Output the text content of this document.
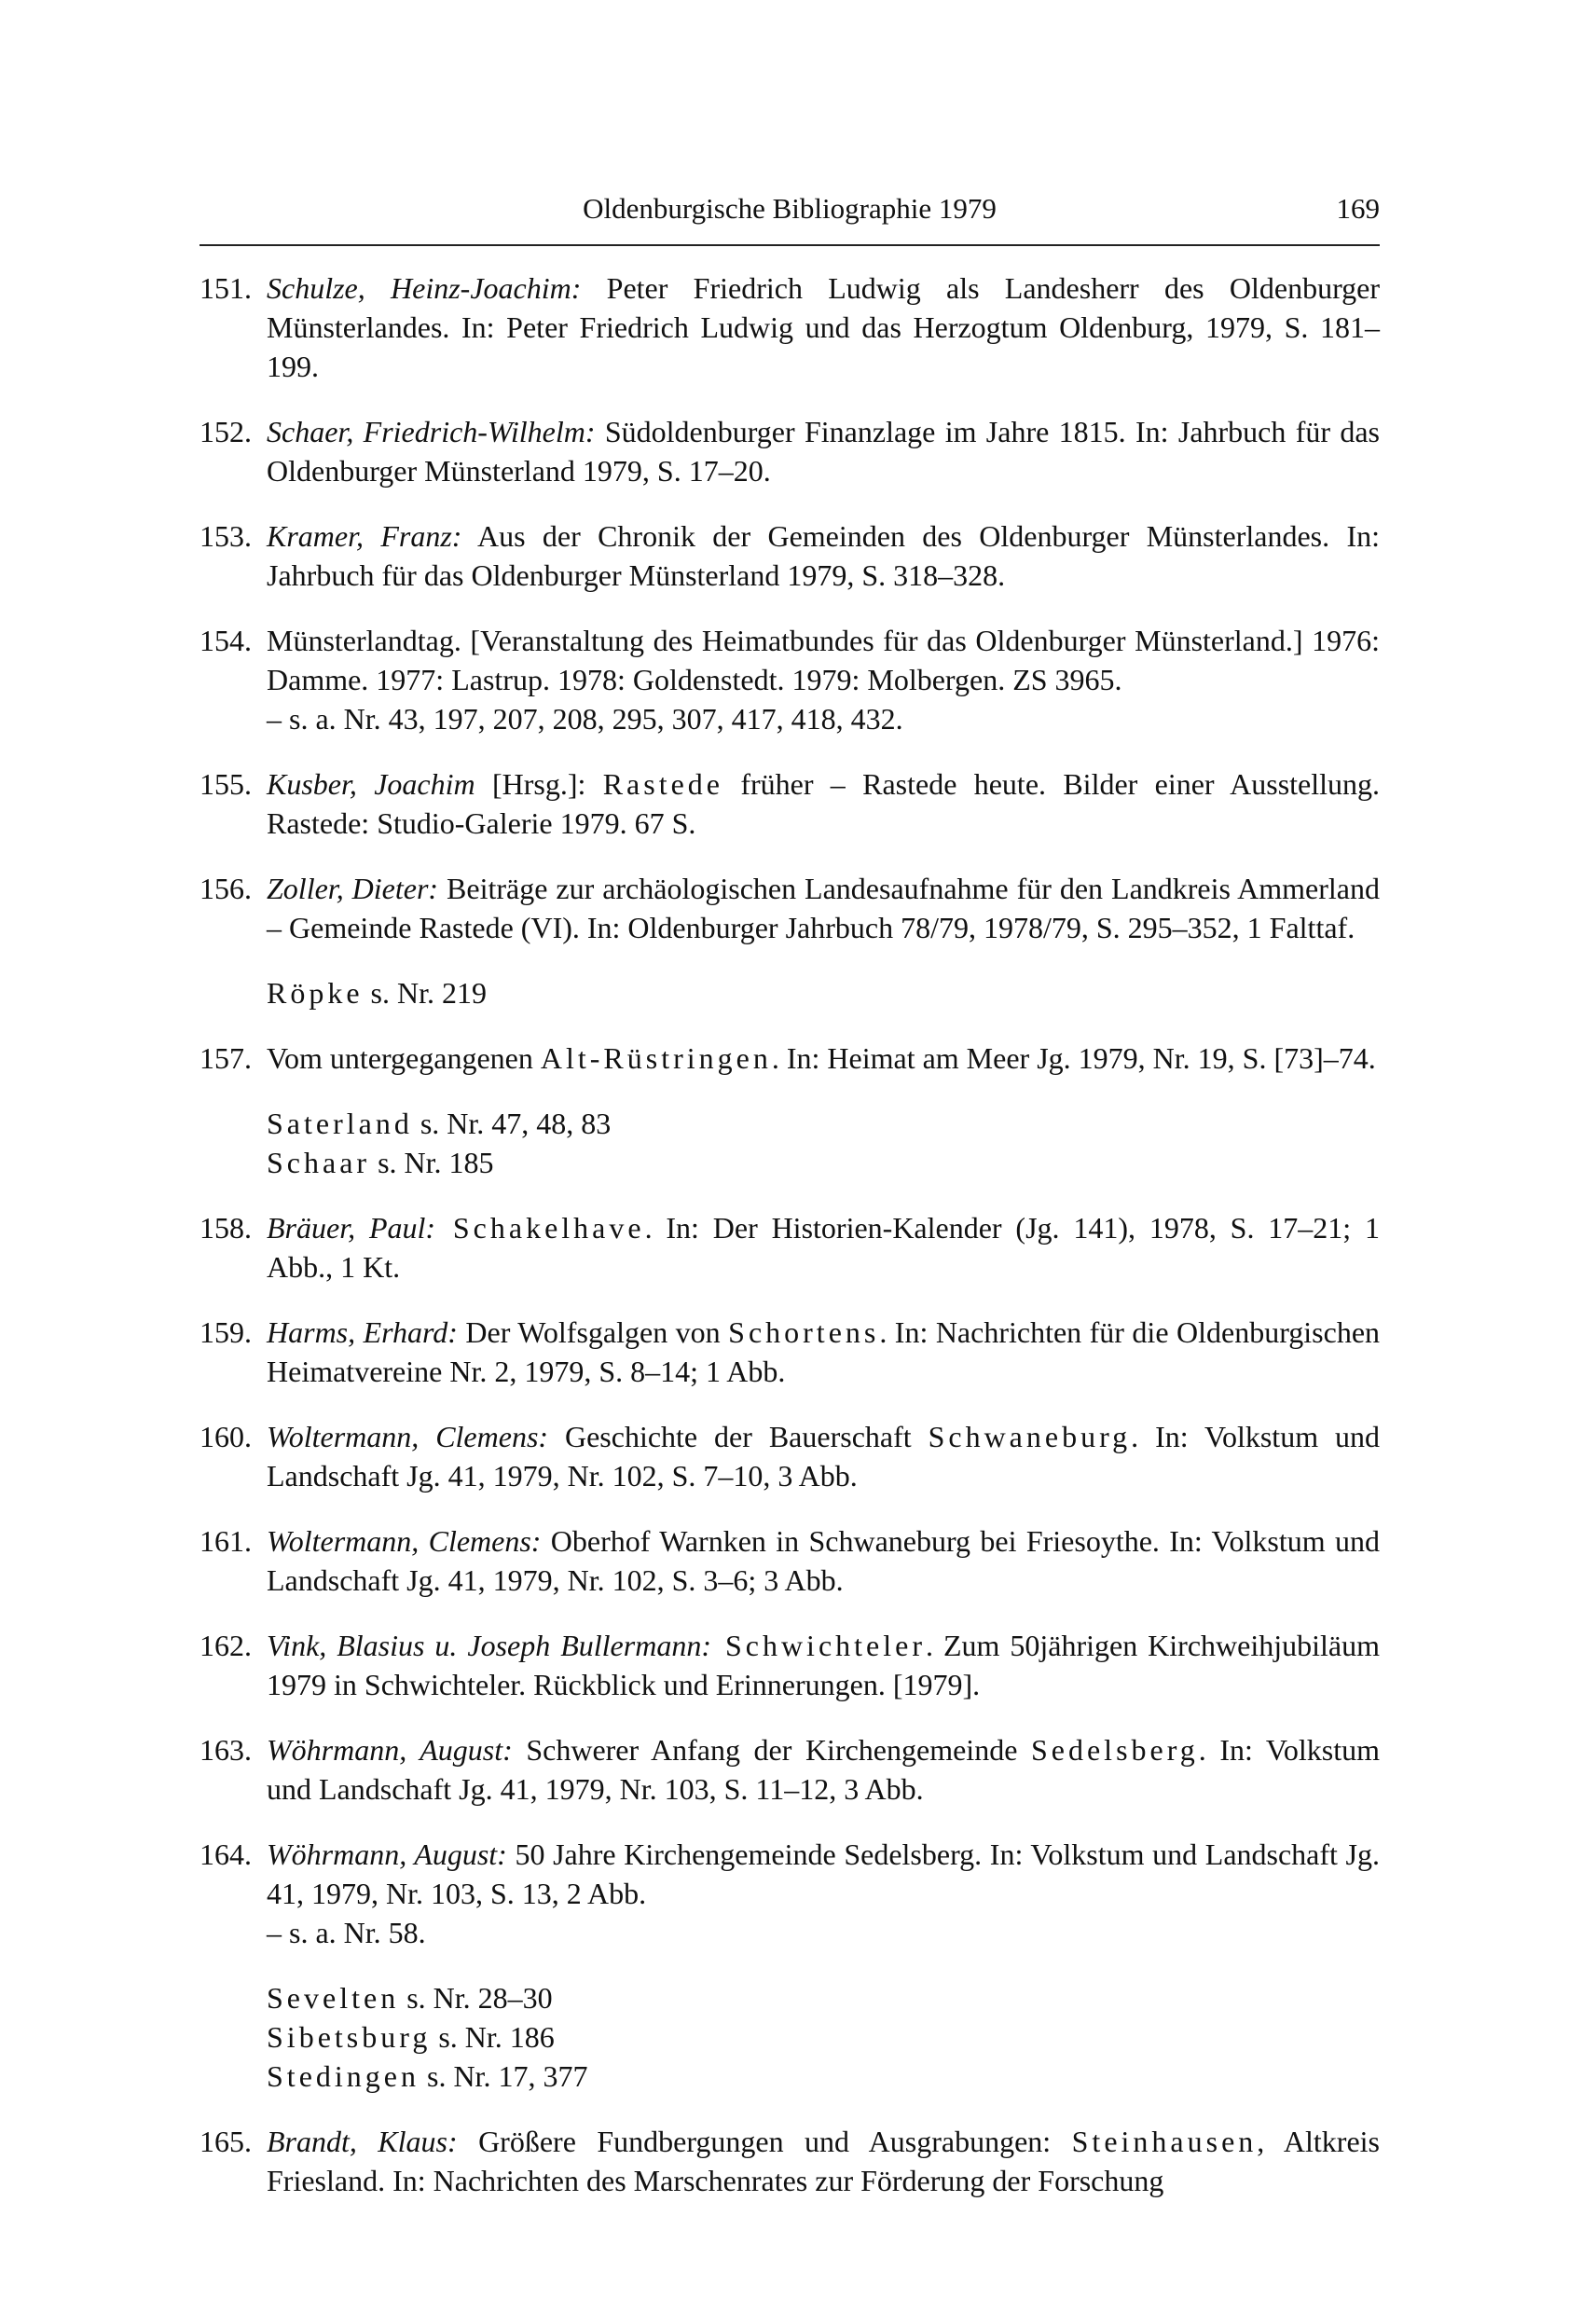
Oldenburgische Bibliographie 1979	169
151. Schulze, Heinz-Joachim: Peter Friedrich Ludwig als Landesherr des Oldenburger Münsterlandes. In: Peter Friedrich Ludwig und das Herzogtum Oldenburg, 1979, S. 181–199.
152. Schaer, Friedrich-Wilhelm: Südoldenburger Finanzlage im Jahre 1815. In: Jahrbuch für das Oldenburger Münsterland 1979, S. 17–20.
153. Kramer, Franz: Aus der Chronik der Gemeinden des Oldenburger Münsterlandes. In: Jahrbuch für das Oldenburger Münsterland 1979, S. 318–328.
154. Münsterlandtag. [Veranstaltung des Heimatbundes für das Oldenburger Münsterland.] 1976: Damme. 1977: Lastrup. 1978: Goldenstedt. 1979: Molbergen. ZS 3965.
– s. a. Nr. 43, 197, 207, 208, 295, 307, 417, 418, 432.
155. Kusber, Joachim [Hrsg.]: Rastede früher – Rastede heute. Bilder einer Ausstellung. Rastede: Studio-Galerie 1979. 67 S.
156. Zoller, Dieter: Beiträge zur archäologischen Landesaufnahme für den Landkreis Ammerland – Gemeinde Rastede (VI). In: Oldenburger Jahrbuch 78/79, 1978/79, S. 295–352, 1 Falttaf.
Röpke s. Nr. 219
157. Vom untergegangenen Alt-Rüstringen. In: Heimat am Meer Jg. 1979, Nr. 19, S. [73]–74.
Saterland s. Nr. 47, 48, 83
Schaar s. Nr. 185
158. Bräuer, Paul: Schakelhave. In: Der Historien-Kalender (Jg. 141), 1978, S. 17–21; 1 Abb., 1 Kt.
159. Harms, Erhard: Der Wolfsgalgen von Schortens. In: Nachrichten für die Oldenburgischen Heimatvereine Nr. 2, 1979, S. 8–14; 1 Abb.
160. Woltermann, Clemens: Geschichte der Bauerschaft Schwaneburg. In: Volkstum und Landschaft Jg. 41, 1979, Nr. 102, S. 7–10, 3 Abb.
161. Woltermann, Clemens: Oberhof Warnken in Schwaneburg bei Friesoythe. In: Volkstum und Landschaft Jg. 41, 1979, Nr. 102, S. 3–6; 3 Abb.
162. Vink, Blasius u. Joseph Bullermann: Schwichteler. Zum 50jährigen Kirchweihjubiläum 1979 in Schwichteler. Rückblick und Erinnerungen. [1979].
163. Wöhrmann, August: Schwerer Anfang der Kirchengemeinde Sedelsberg. In: Volkstum und Landschaft Jg. 41, 1979, Nr. 103, S. 11–12, 3 Abb.
164. Wöhrmann, August: 50 Jahre Kirchengemeinde Sedelsberg. In: Volkstum und Landschaft Jg. 41, 1979, Nr. 103, S. 13, 2 Abb.
– s. a. Nr. 58.
Sevelten s. Nr. 28–30
Sibetsburg s. Nr. 186
Stedingen s. Nr. 17, 377
165. Brandt, Klaus: Größere Fundbergungen und Ausgrabungen: Steinhausen, Altkreis Friesland. In: Nachrichten des Marschenrates zur Förderung der Forschung
